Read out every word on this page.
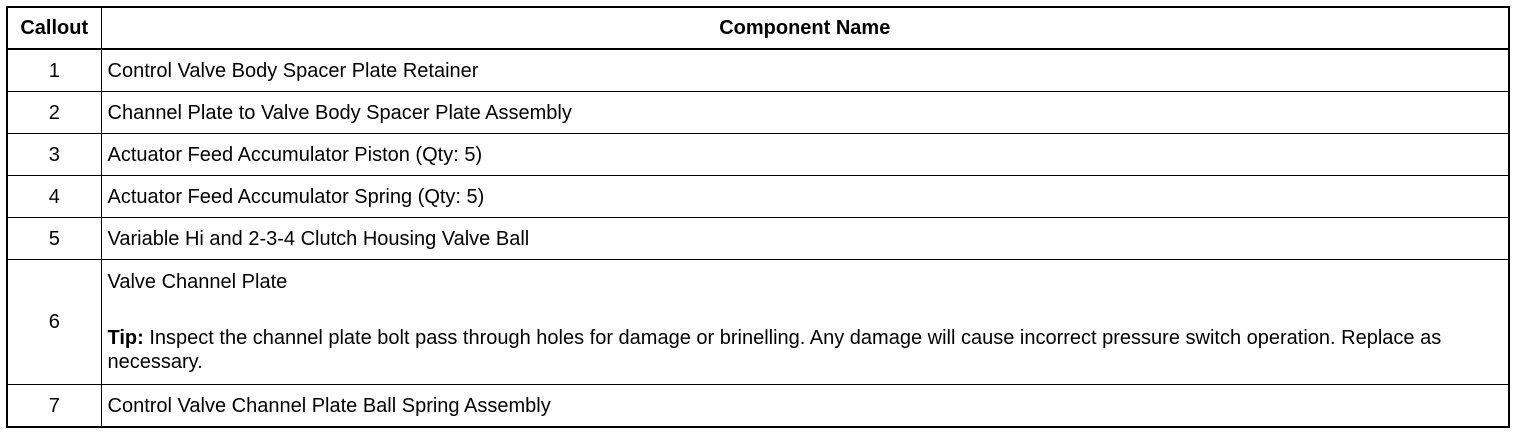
Callout	Component Name
1	Control Valve Body Spacer Plate Retainer
2	Channel Plate to Valve Body Spacer Plate Assembly
3	Actuator Feed Accumulator Piston (Qty: 5)
4	Actuator Feed Accumulator Spring (Qty: 5)
5	Variable Hi and 2-3-4 Clutch Housing Valve Ball
6	Valve Channel Plate
Tip: Inspect the channel plate bolt pass through holes for damage or brinelling. Any damage will cause incorrect pressure switch operation. Replace as necessary.

7	Control Valve Channel Plate Ball Spring Assembly
